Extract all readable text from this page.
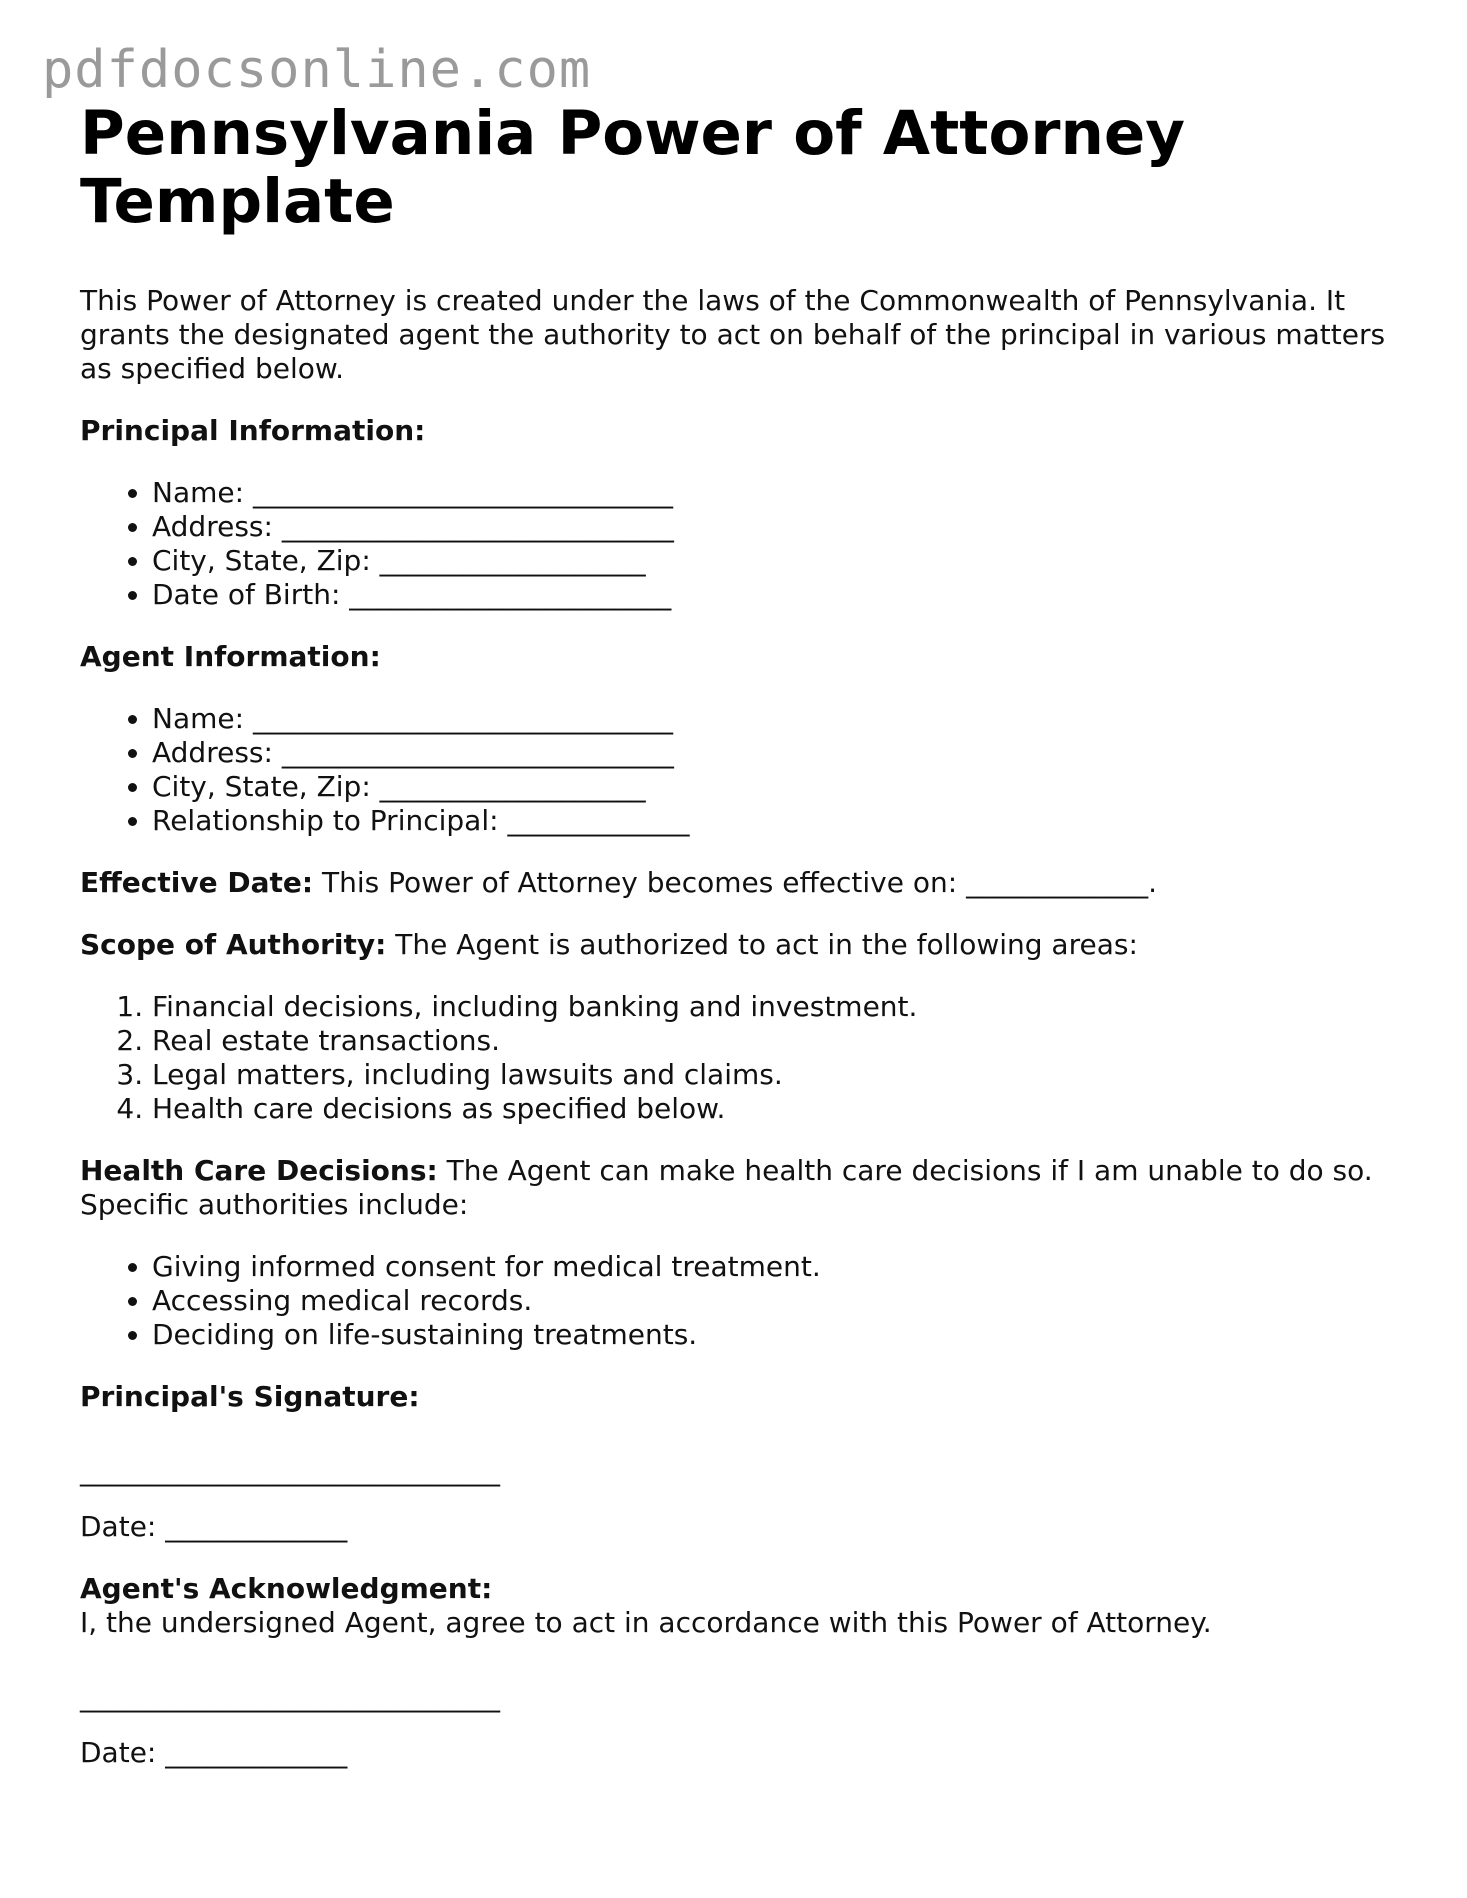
pdfdocsonline.com
Pennsylvania Power of Attorney Template

This Power of Attorney is created under the laws of the Commonwealth of Pennsylvania. It grants the designated agent the authority to act on behalf of the principal in various matters as specified below.

Principal Information:

• Name: ______________________________
• Address: ____________________________
• City, State, Zip: ___________________
• Date of Birth: _______________________

Agent Information:

• Name: ______________________________
• Address: ____________________________
• City, State, Zip: ___________________
• Relationship to Principal: _____________

Effective Date: This Power of Attorney becomes effective on: _____________.

Scope of Authority: The Agent is authorized to act in the following areas:

1. Financial decisions, including banking and investment.
2. Real estate transactions.
3. Legal matters, including lawsuits and claims.
4. Health care decisions as specified below.

Health Care Decisions: The Agent can make health care decisions if I am unable to do so. Specific authorities include:

• Giving informed consent for medical treatment.
• Accessing medical records.
• Deciding on life-sustaining treatments.

Principal's Signature:

______________________________

Date: _____________

Agent's Acknowledgment:

I, the undersigned Agent, agree to act in accordance with this Power of Attorney.

______________________________

Date: _____________
